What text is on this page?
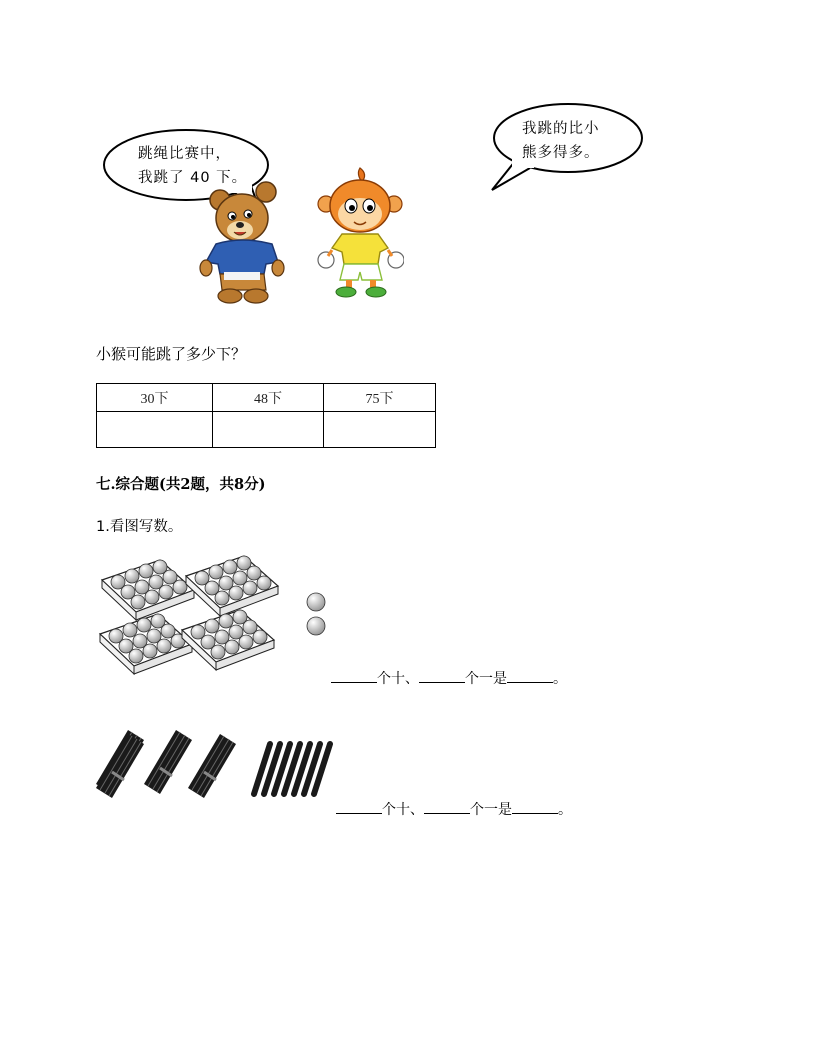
跳绳比赛中，
我跳了 40 下。
我跳的比小
熊多得多。
小猴可能跳了多少下？
30下	48下	75下

七.综合题(共2题，共8分)
1.看图写数。
个十、	个一是	。
个十、	个一是	。
